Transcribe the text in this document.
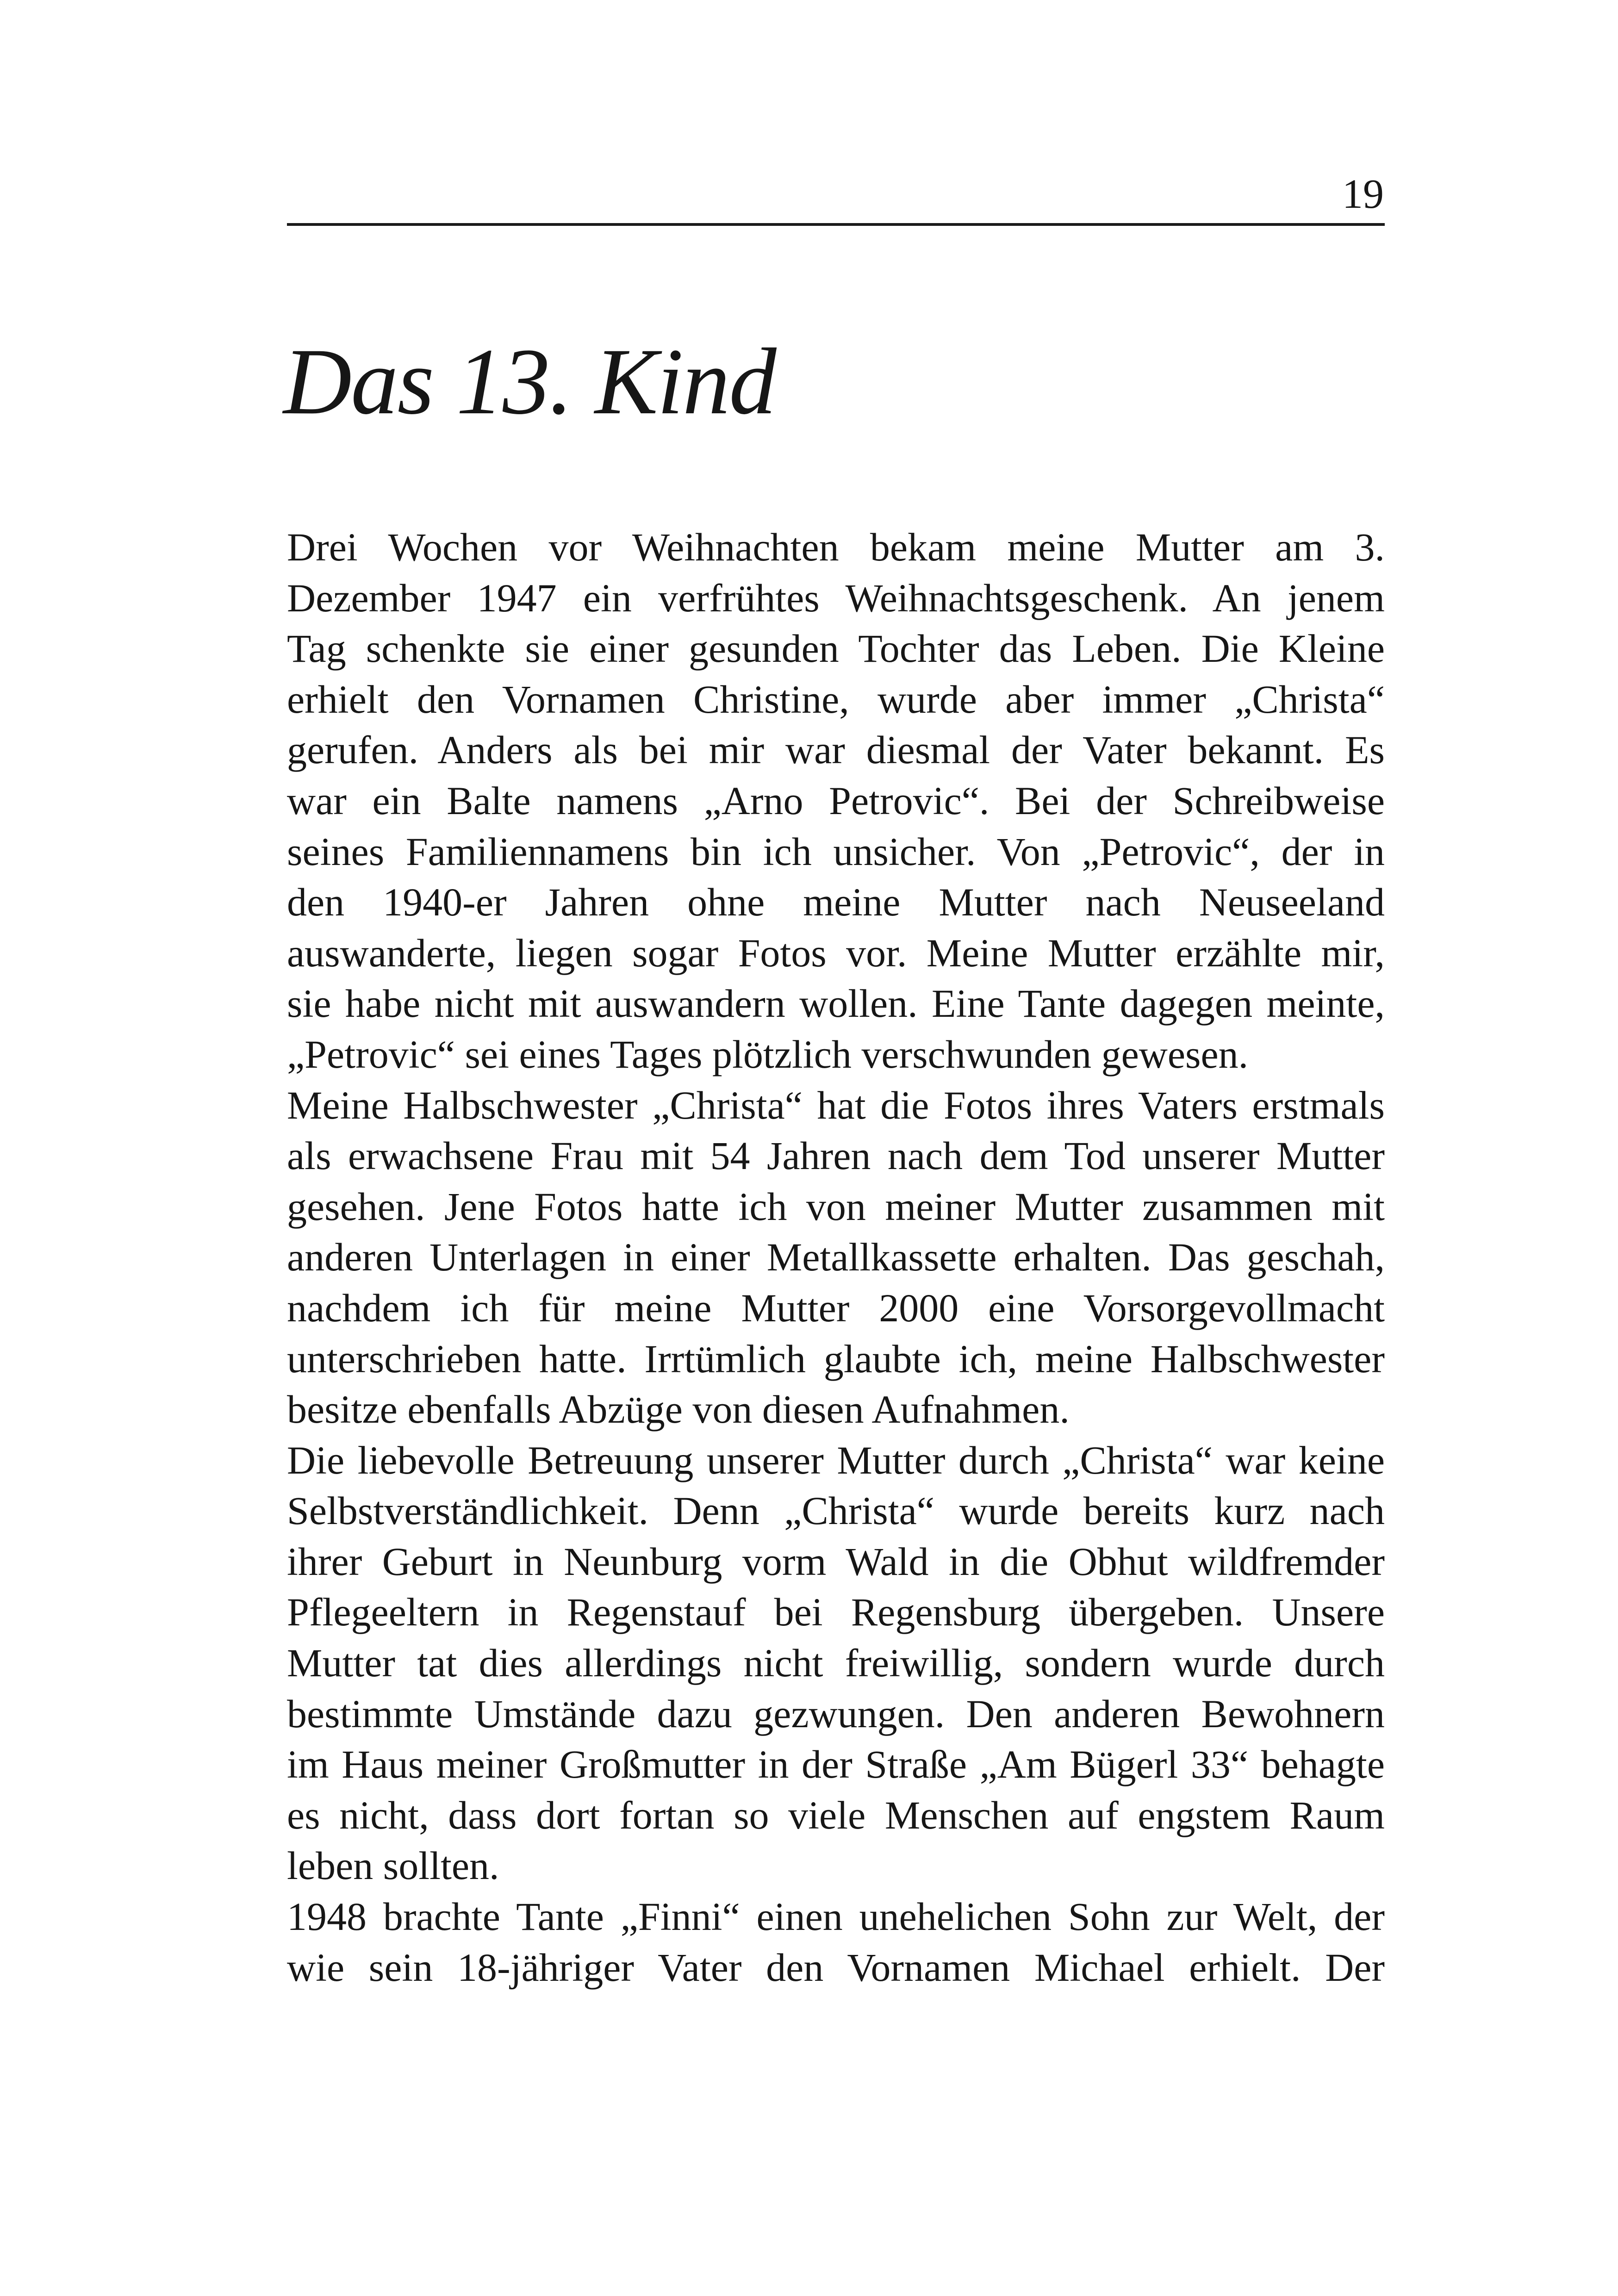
19
Das 13. Kind
Drei Wochen vor Weihnachten bekam meine Mutter am 3.
Dezember 1947 ein verfrühtes Weihnachtsgeschenk. An jenem
Tag schenkte sie einer gesunden Tochter das Leben. Die Kleine
erhielt den Vornamen Christine, wurde aber immer „Christa“
gerufen. Anders als bei mir war diesmal der Vater bekannt. Es
war ein Balte namens „Arno Petrovic“. Bei der Schreibweise
seines Familiennamens bin ich unsicher. Von „Petrovic“, der in
den 1940-er Jahren ohne meine Mutter nach Neuseeland
auswanderte, liegen sogar Fotos vor. Meine Mutter erzählte mir,
sie habe nicht mit auswandern wollen. Eine Tante dagegen meinte,
„Petrovic“ sei eines Tages plötzlich verschwunden gewesen.
Meine Halbschwester „Christa“ hat die Fotos ihres Vaters erstmals
als erwachsene Frau mit 54 Jahren nach dem Tod unserer Mutter
gesehen. Jene Fotos hatte ich von meiner Mutter zusammen mit
anderen Unterlagen in einer Metallkassette erhalten. Das geschah,
nachdem ich für meine Mutter 2000 eine Vorsorgevollmacht
unterschrieben hatte. Irrtümlich glaubte ich, meine Halbschwester
besitze ebenfalls Abzüge von diesen Aufnahmen.
Die liebevolle Betreuung unserer Mutter durch „Christa“ war keine
Selbstverständlichkeit. Denn „Christa“ wurde bereits kurz nach
ihrer Geburt in Neunburg vorm Wald in die Obhut wildfremder
Pflegeeltern in Regenstauf bei Regensburg übergeben. Unsere
Mutter tat dies allerdings nicht freiwillig, sondern wurde durch
bestimmte Umstände dazu gezwungen. Den anderen Bewohnern
im Haus meiner Großmutter in der Straße „Am Bügerl 33“ behagte
es nicht, dass dort fortan so viele Menschen auf engstem Raum
leben sollten.
1948 brachte Tante „Finni“ einen unehelichen Sohn zur Welt, der
wie sein 18-jähriger Vater den Vornamen Michael erhielt. Der
